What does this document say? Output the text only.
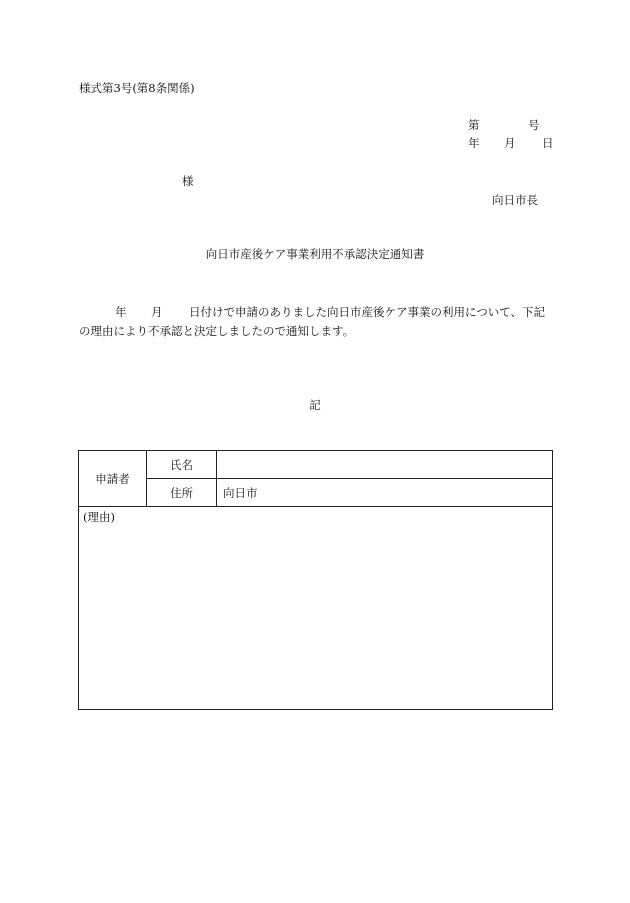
様式第3号(第8条関係)
第	号
年 月 日
様
向日市長
向日市産後ケア事業利用不承認決定通知書
年 月 日付けで申請のありました向日市産後ケア事業の利用について、下記の理由により不承認と決定しましたので通知します。
記
申請者	氏名	
	住所	向日市
(理由)		
